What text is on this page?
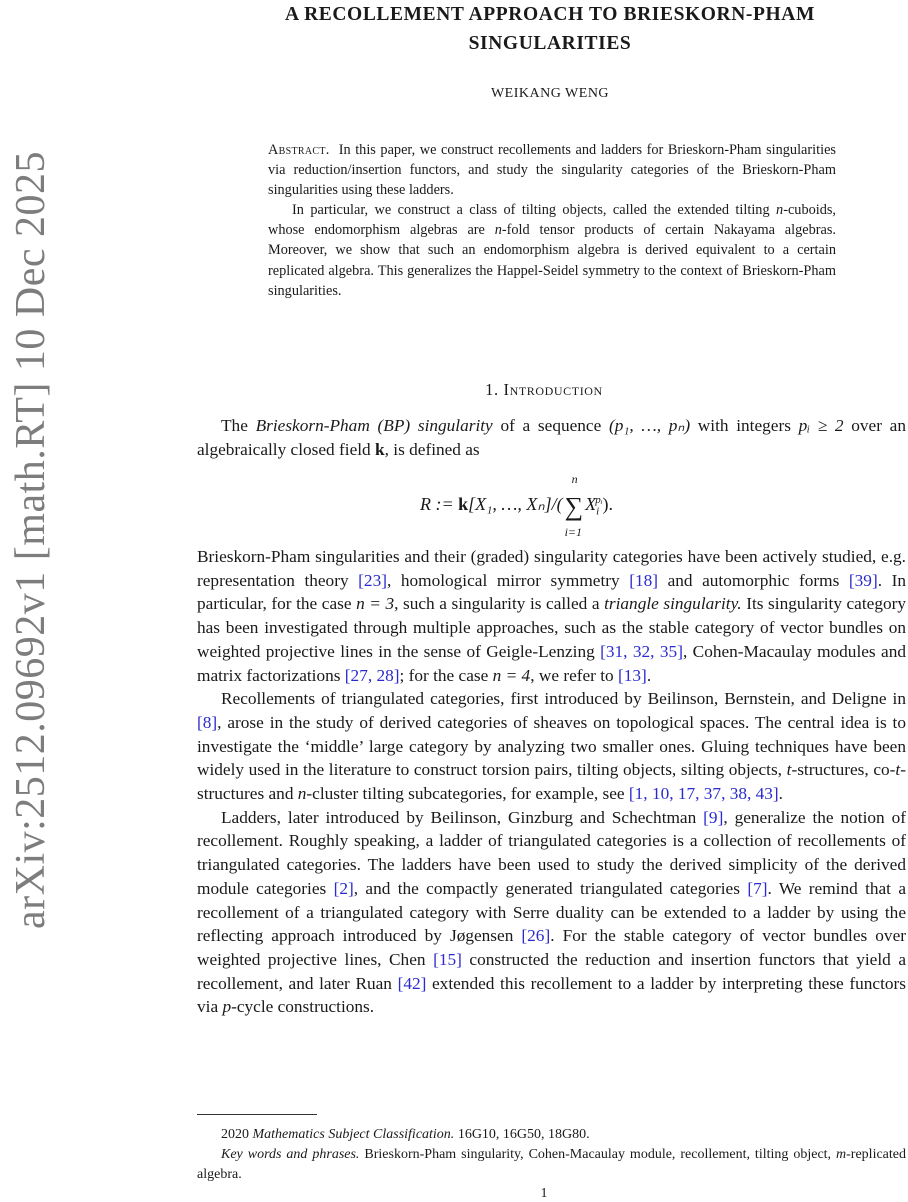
arXiv:2512.09692v1 [math.RT] 10 Dec 2025
A RECOLLEMENT APPROACH TO BRIESKORN-PHAM
SINGULARITIES
WEIKANG WENG

Abstract. In this paper, we construct recollements and ladders for Brieskorn-Pham singularities via reduction/insertion functors, and study the singularity categories of the Brieskorn-Pham singularities using these ladders.

In particular, we construct a class of tilting objects, called the extended tilting n-cuboids, whose endomorphism algebras are n-fold tensor products of certain Nakayama algebras. Moreover, we show that such an endomorphism algebra is derived equivalent to a certain replicated algebra. This generalizes the Happel-Seidel symmetry to the context of Brieskorn-Pham singularities.

1. Introduction

The Brieskorn-Pham (BP) singularity of a sequence (p₁, …, pₙ) with integers pᵢ ≥ 2 over an algebraically closed field k, is defined as

R := k[X₁, …, Xₙ]/(∑
n
i=1
$X_i^{pᵢ}$).

Brieskorn-Pham singularities and their (graded) singularity categories have been actively studied, e.g. representation theory [23], homological mirror symmetry [18] and automorphic forms [39]. In particular, for the case n = 3, such a singularity is called a triangle singularity. Its singularity category has been investigated through multiple approaches, such as the stable category of vector bundles on weighted projective lines in the sense of Geigle-Lenzing [31, 32, 35], Cohen-Macaulay modules and matrix factorizations [27, 28]; for the case n = 4, we refer to [13].

Recollements of triangulated categories, first introduced by Beilinson, Bernstein, and Deligne in [8], arose in the study of derived categories of sheaves on topological spaces. The central idea is to investigate the ‘middle’ large category by analyzing two smaller ones. Gluing techniques have been widely used in the literature to construct torsion pairs, tilting objects, silting objects, t-structures, co-t-structures and n-cluster tilting subcategories, for example, see [1, 10, 17, 37, 38, 43].

Ladders, later introduced by Beilinson, Ginzburg and Schechtman [9], generalize the notion of recollement. Roughly speaking, a ladder of triangulated categories is a collection of recollements of triangulated categories. The ladders have been used to study the derived simplicity of the derived module categories [2], and the compactly generated triangulated categories [7]. We remind that a recollement of a triangulated category with Serre duality can be extended to a ladder by using the reflecting approach introduced by Jøgensen [26]. For the stable category of vector bundles over weighted projective lines, Chen [15] constructed the reduction and insertion functors that yield a recollement, and later Ruan [42] extended this recollement to a ladder by interpreting these functors via p-cycle constructions.

2020 Mathematics Subject Classification. 16G10, 16G50, 18G80.

Key words and phrases. Brieskorn-Pham singularity, Cohen-Macaulay module, recollement, tilting object, m-replicated algebra.

1
